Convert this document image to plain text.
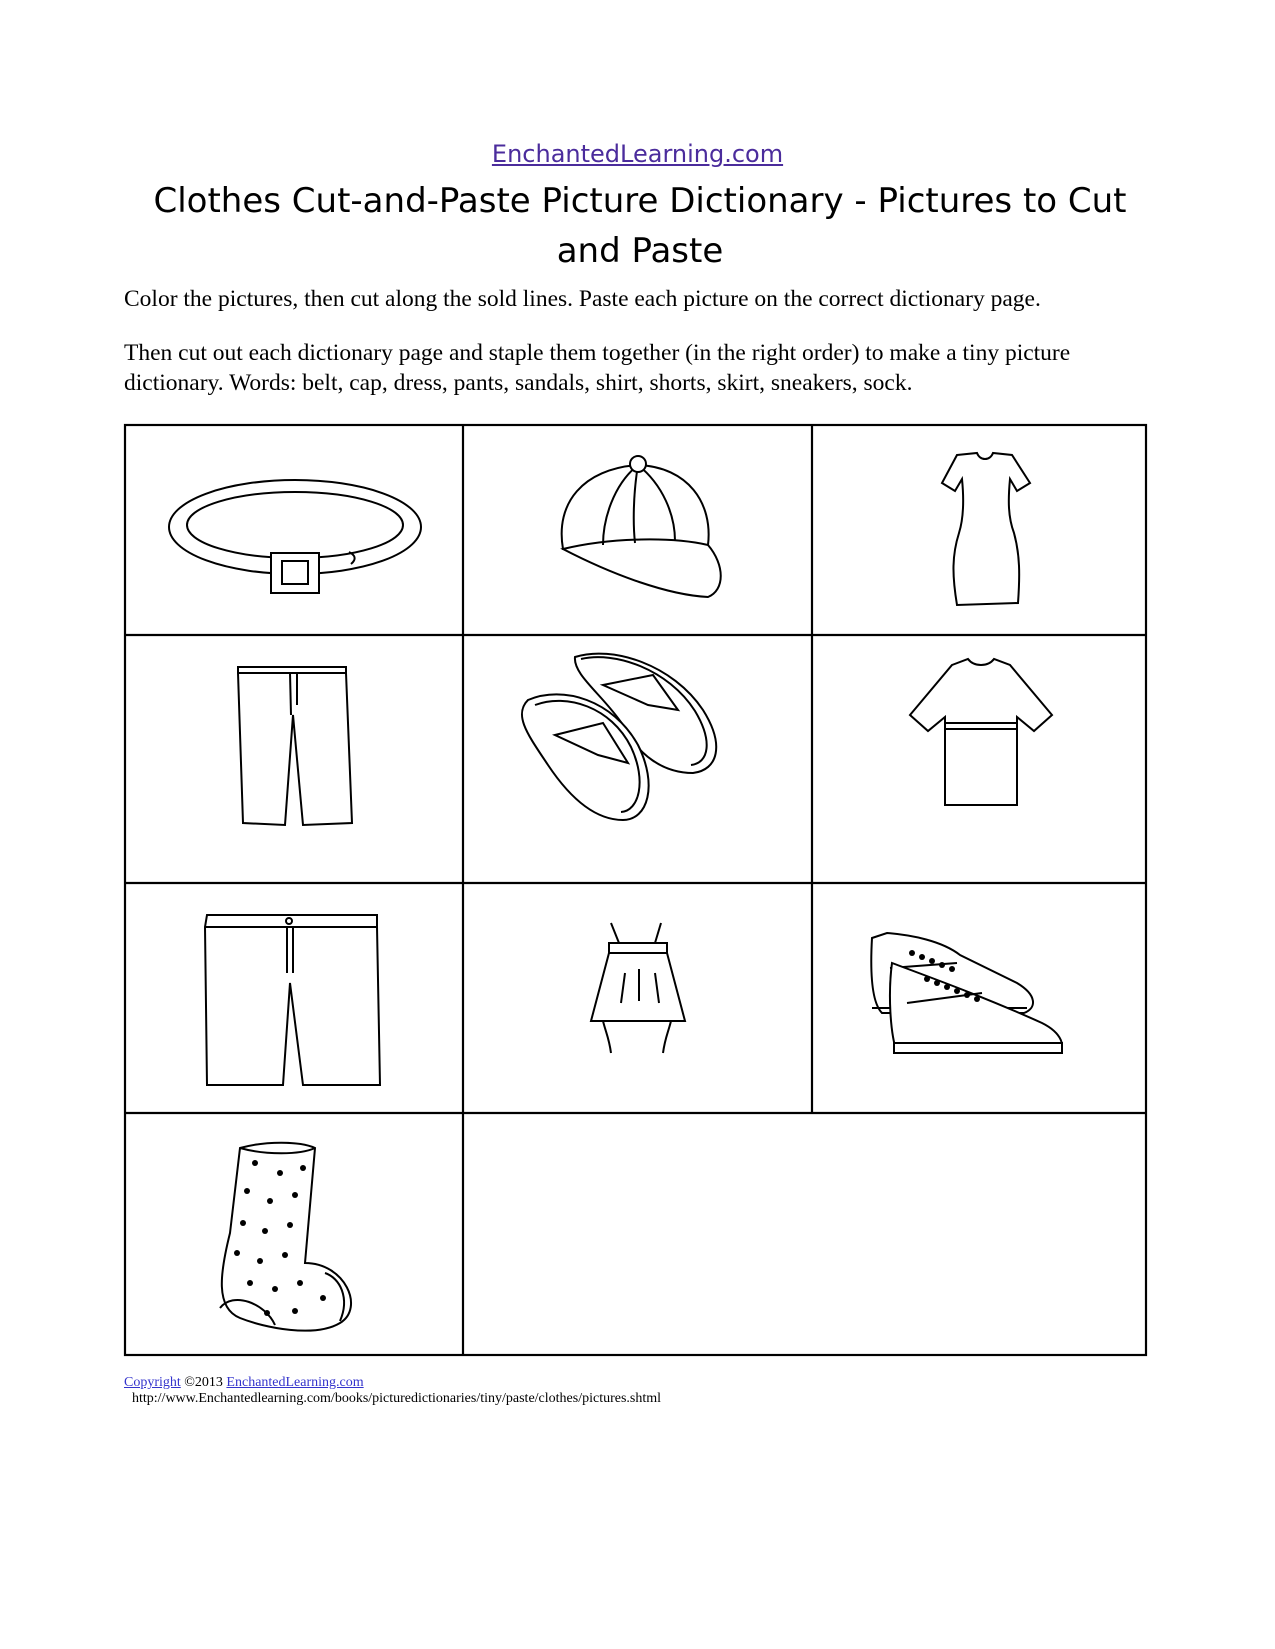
EnchantedLearning.com
Clothes Cut-and-Paste Picture Dictionary - Pictures to Cut and Paste

Color the pictures, then cut along the sold lines. Paste each picture on the correct dictionary page.

Then cut out each dictionary page and staple them together (in the right order) to make a tiny picture dictionary. Words: belt, cap, dress, pants, sandals, shirt, shorts, skirt, sneakers, sock.

Copyright ©2013 EnchantedLearning.com
http://www.Enchantedlearning.com/books/picturedictionaries/tiny/paste/clothes/pictures.shtml
